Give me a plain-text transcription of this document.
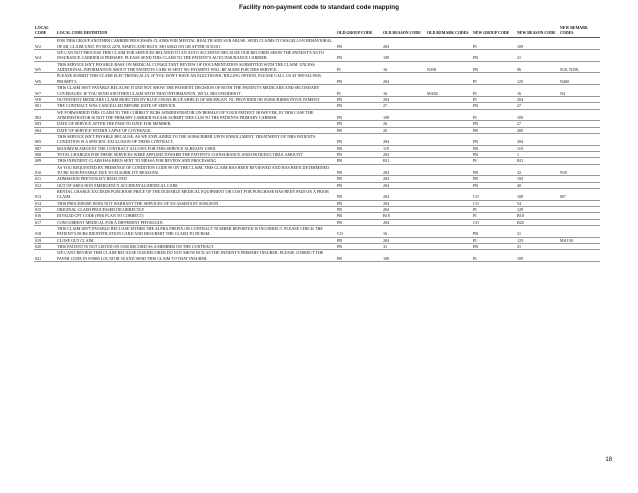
Facility non-payment code to standard code mapping
LOCAL CODE	LOCAL CODE DEFINITION	OLD GROUP CODE	OLD REASON CODE	OLD REMARK CODES	NEW GROUP CODE	NEW REASON CODE	NEW REMARK CODES
W2	FOR THIS GROUP ANOTHER CARRIER PROCESSES CLAIMS FOR MENTAL HEALTH AND SUB ABUSE. SEND CLAIMS TO MAGELLAN BEHAVIORAL OF MI, CLAIM UNIT, PO BOX 2278, MARYLAND HGTS, MO 63043 ON OR AFTER 01/01/01.	PR	204		PI	109	
W4	WE CAN NOT PROCESS THIS CLAIM FOR SERVICES RELATED TO AN AUTO ACCIDENT BECAUSE OUR RECORDS SHOW THE PATIENT'S AUTO INSURANCE CARRIER IS PRIMARY. PLEASE SEND THIS CLAIM TO THE PATIENT'S AUTO INSURANCE CARRIER.	PR	109		PR	21	
W5	THIS SERVICE ISN'T PAYABLE BASE ON MEDICAL CONSULTANT REVIEW OF DOCUMENTATION SUBMITTED WITH THE CLAIM. UNLESS ADDITIONAL INFORMATION ABOUT THE PATIENTS CARE IS SENT NO PAYMENT WILL BE MADE FOR THIS SERVICE.	PI	16	N358	PR	96	N10, N358,
W6	PLEASE SUBMIT THIS CLAIM ELECTRONICALLY. IF YOU DON'T HAVE AN ELECTRONIC BILLING OPTION, PLEASE CALL US AT 800-542-0945, PROMPT 5.	PR	204		PI	125	N400
W7	THIS CLAIM ISN'T PAYABLE BECAUSE IT DID NOT SHOW THE PAYMENT DECISION OF BOTH THE PATIENT'S MEDICARE AND SECONDARY COVERAGES. IF YOU SEND ANOTHER CLAIM WITH THAT INFORMATION, WE'LL RECONSIDER IT.	PI	16	MA84	PI	16	N4
W8	OUTPATIENT MEDICARE CLAIM REJECTED BY BLUE CROSS BLUE SHIELD OF MICHIGAN. NC PROVIDER OR SUBSCRIBER INVOLVEMENT.	PR	204		PI	204	
001	THE CONTRACT WAS CANCELLED BEFORE DATE OF SERVICE.	PR	27		PR	27	
002	WE FORWARDED THIS CLAIM TO THE CORRECT BCBS ADMINISTRATOR ON BEHALF OF YOUR PATIENT. HOWEVER, IN THIS CASE THE ADMINISTRATOR IS NOT THE PRIMARY CARRIER PLEASE SUBMIT THIS CLM TO THE PATIENTS PRIMARY CARRIER	PR	109		PI	109	
003	DATE OF SERVICE AFTER THE PAID-TO DATE FOR MEMBER.	PR	26		PR	27	
004	DATE OF SERVICE WITHIN LAPSE OF COVERAGE.	PR	26		PR	200	
005	THIS SERVICE ISN'T PAYABLE BECAUSE, AS WE EXPLAINED TO THE SUBSCRIBER UPON ENROLLMENT, TREATMENT OF THIS PATIENTS CONDITION IS A SPECIFIC EXCLUSION OF THEIR CONTRACT.	PR	204		PR	204	
007	MAXIMUM AMOUNT THE CONTRACT ALLOWS FOR THIS SERVICE ALREADY USED.	PR	119		PR	119	
008	TOTAL CHARGES FOR THESE SERVICES WERE APPLIED TOWARD THE PATIENT'S COINSURANCE AND/OR DEDUCTIBLE AMOUNT.	PR	204		PR	1	
009	THIS INPATIENT CLAIM HAS BEEN SENT TO MESSA FOR REVIEW AND PROCESSING	PR	B11		PI	B11	
010	AS YOU REQUESTED BY PRESENCE OF CONDITION CODE 99 ON THE CLAIM, THIS CLAIM HAS BEEN REVIEWED AND HAS BEEN DETERMINED TO BE NON-PAYABLE DUE TO ELIGIBILITY REASONS.	PR	204		PR	32	N10
011	ADMISSION PREVIOUSLY REJECTED	PR	204		PR	193	
012	OUT OF AREA NON EMERGENCY ACCIDENTAL/MEDICAL CARE	PR	204		PR	40	
013	RENTAL CHARGE EXCEEDS PURCHASE PRICE OF THE DURABLE MEDICAL EQUIPMENT OR COST FOR PURCHASE HAS BEEN PAID ON A PRIOR CLAIM	PR	204		CO	108	M7
014	THIS PROCEDURE DOES NOT WARRANT THE SERVICES OF AN ASSISTANT SURGEON	PR	204		CO	54	
015	ORIGINAL CLAIM PROCESSED INCORRECTLY	PR	204		PI	129	
016	INVALID CPT CODE (PAR PLAN TO CORRECT)	PR	B18		PI	B18	
017	CONCURRENT MEDICAL FOR A DIFFERENT PHYSICIAN	PR	204		CO	B20	
018	THIS CLAIM ISN'T PAYABLE BECUASE EITHER THE ALPHA PREFIX OR CONTRACT NUMBER REPORTED IS INCORRECT. PLEASE CHECK THE PATIENT'S BCBS IDENTIFICATION CARD AND RESUBMIT THE CLAIM TO BCBSM.	CO	16		PR	31	
019	CLOSE OUT CLAIM	PR	204		PI	125	MA130
020	THIS PATIENT IS NOT LISTED ON OUR RECORD AS A MEMBER ON THE CONTRACT	PR	31		PR	31	
021	WE CANT REVIEW THIS CLAIM BECAUSE OUR RECORDS DO NOT SHOW BCN AS THE PATIENT'S PRIMARY INSURER. PLEASE CORRECT THE PAYER CODE IN FORM LOCATOR 50 AND SEND THIS CLAIM TO THAT INSURER.	PR	109		PI	109	
18
